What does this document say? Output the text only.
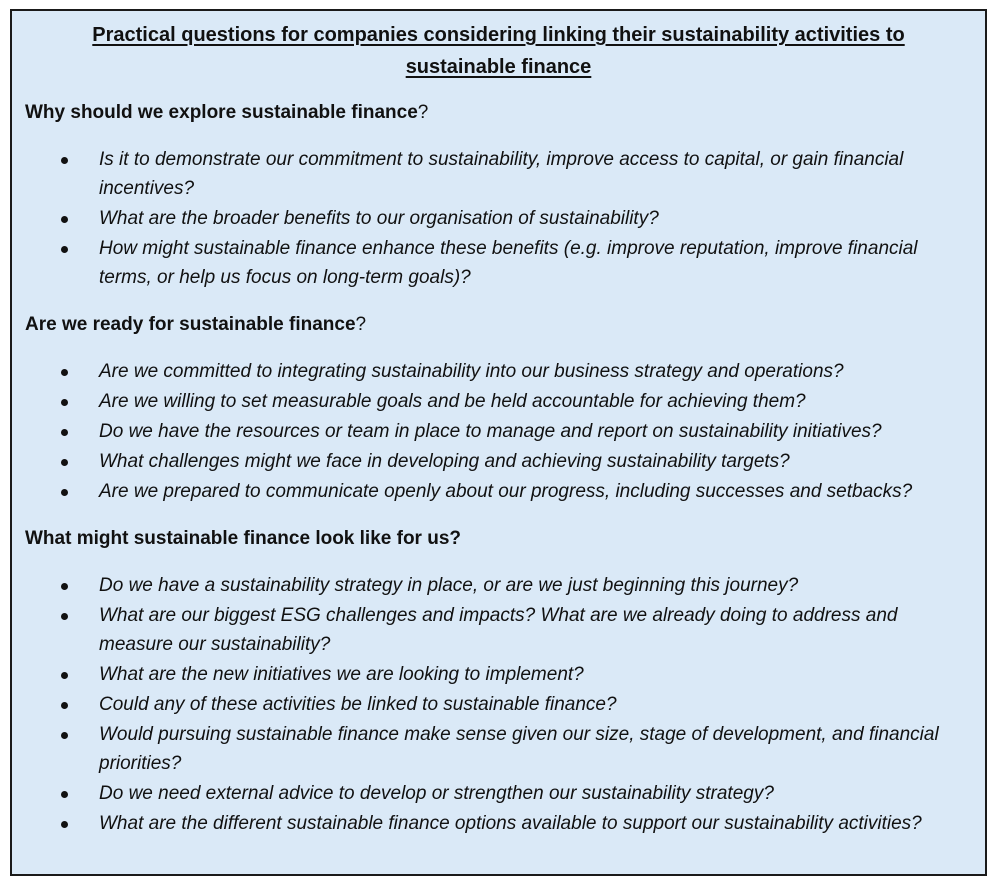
Practical questions for companies considering linking their sustainability activities to sustainable finance
Why should we explore sustainable finance?
Is it to demonstrate our commitment to sustainability, improve access to capital, or gain financial incentives?
What are the broader benefits to our organisation of sustainability?
How might sustainable finance enhance these benefits (e.g. improve reputation, improve financial terms, or help us focus on long-term goals)?
Are we ready for sustainable finance?
Are we committed to integrating sustainability into our business strategy and operations?
Are we willing to set measurable goals and be held accountable for achieving them?
Do we have the resources or team in place to manage and report on sustainability initiatives?
What challenges might we face in developing and achieving sustainability targets?
Are we prepared to communicate openly about our progress, including successes and setbacks?
What might sustainable finance look like for us?
Do we have a sustainability strategy in place, or are we just beginning this journey?
What are our biggest ESG challenges and impacts? What are we already doing to address and measure our sustainability?
What are the new initiatives we are looking to implement?
Could any of these activities be linked to sustainable finance?
Would pursuing sustainable finance make sense given our size, stage of development, and financial priorities?
Do we need external advice to develop or strengthen our sustainability strategy?
What are the different sustainable finance options available to support our sustainability activities?
